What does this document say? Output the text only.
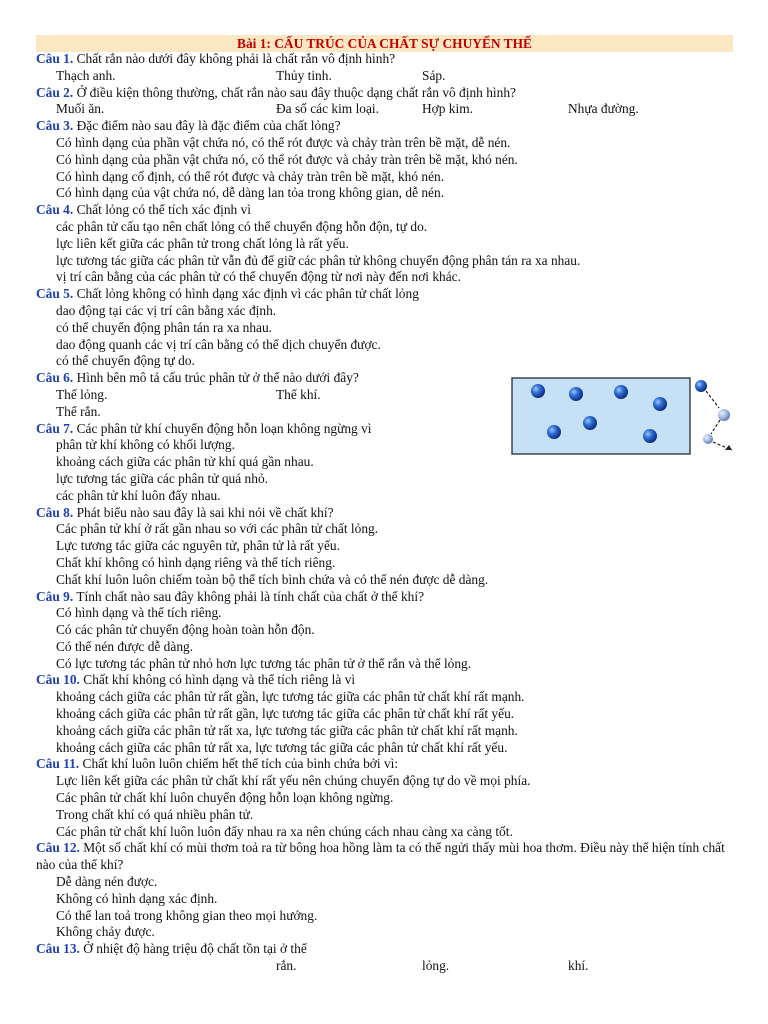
Bài 1: CẤU TRÚC CỦA CHẤT SỰ CHUYỂN THỂ
Câu 1. Chất rắn nào dưới đây không phải là chất rắn vô định hình?
Thạch anh.	Thủy tinh.	Sáp.
Câu 2. Ở điều kiện thông thường, chất rắn nào sau đây thuộc dạng chất rắn vô định hình?
Muối ăn.	Đa số các kim loại.	Hợp kim.	Nhựa đường.
Câu 3. Đặc điểm nào sau đây là đặc điểm của chất lỏng?
Có hình dạng của phần vật chứa nó, có thể rót được và chảy tràn trên bề mặt, dễ nén.
Có hình dạng của phần vật chứa nó, có thể rót được và chảy tràn trên bề mặt, khó nén.
Có hình dạng cố định, có thể rót được và chảy tràn trên bề mặt, khó nén.
Có hình dạng của vật chứa nó, dễ dàng lan tỏa trong không gian, dễ nén.
Câu 4. Chất lỏng có thể tích xác định vì
các phân tử cấu tạo nên chất lỏng có thể chuyển động hỗn độn, tự do.
lực liên kết giữa các phân tử trong chất lỏng là rất yếu.
lực tương tác giữa các phân tử vẫn đủ để giữ các phân tử không chuyển động phân tán ra xa nhau.
vị trí cân bằng của các phân tử có thể chuyển động từ nơi này đến nơi khác.
Câu 5. Chất lỏng không có hình dạng xác định vì các phân tử chất lỏng
dao động tại các vị trí cân bằng xác định.
có thể chuyển động phân tán ra xa nhau.
dao động quanh các vị trí cân bằng có thể dịch chuyển được.
có thể chuyển động tự do.
Câu 6. Hình bên mô tả cấu trúc phân tử ở thể nào dưới đây?
Thể lỏng.	Thể khí.
Thể rắn.
Câu 7. Các phân tử khí chuyển động hỗn loạn không ngừng vì
phân tử khí không có khối lượng.
khoảng cách giữa các phân tử khí quá gần nhau.
lực tương tác giữa các phân tử quá nhỏ.
các phân tử khí luôn đẩy nhau.
Câu 8. Phát biểu nào sau đây là sai khi nói về chất khí?
Các phân tử khí ở rất gần nhau so với các phân tử chất lỏng.
Lực tương tác giữa các nguyên tử, phân tử là rất yếu.
Chất khí không có hình dạng riêng và thể tích riêng.
Chất khí luôn luôn chiếm toàn bộ thể tích bình chứa và có thể nén được dễ dàng.
Câu 9. Tính chất nào sau đây không phải là tính chất của chất ở thể khí?
Có hình dạng và thể tích riêng.
Có các phân tử chuyển động hoàn toàn hỗn độn.
Có thể nén được dễ dàng.
Có lực tương tác phân tử nhỏ hơn lực tương tác phân tử ở thể rắn và thể lỏng.
Câu 10. Chất khí không có hình dạng và thể tích riêng là vì
khoảng cách giữa các phân tử rất gần, lực tương tác giữa các phân tử chất khí rất mạnh.
khoảng cách giữa các phân tử rất gần, lực tương tác giữa các phân tử chất khí rất yếu.
khoảng cách giữa các phân tử rất xa, lực tương tác giữa các phân tử chất khí rất mạnh.
khoảng cách giữa các phân tử rất xa, lực tương tác giữa các phân tử chất khí rất yếu.
Câu 11. Chất khí luôn luôn chiếm hết thể tích của bình chứa bởi vì:
Lực liên kết giữa các phân tử chất khí rất yếu nên chúng chuyển động tự do về mọi phía.
Các phân tử chất khí luôn chuyển động hỗn loạn không ngừng.
Trong chất khí có quá nhiều phân tử.
Các phân tử chất khí luôn luôn đẩy nhau ra xa nên chúng cách nhau càng xa càng tốt.
Câu 12. Một số chất khí có mùi thơm toả ra từ bông hoa hồng làm ta có thể ngửi thấy mùi hoa thơm. Điều này thể hiện tính chất nào của thể khí?
Dễ dàng nén được.
Không có hình dạng xác định.
Có thể lan toả trong không gian theo mọi hướng.
Không chảy được.
Câu 13. Ở nhiệt độ hàng triệu độ chất tồn tại ở thể
rắn.	lỏng.	khí.
